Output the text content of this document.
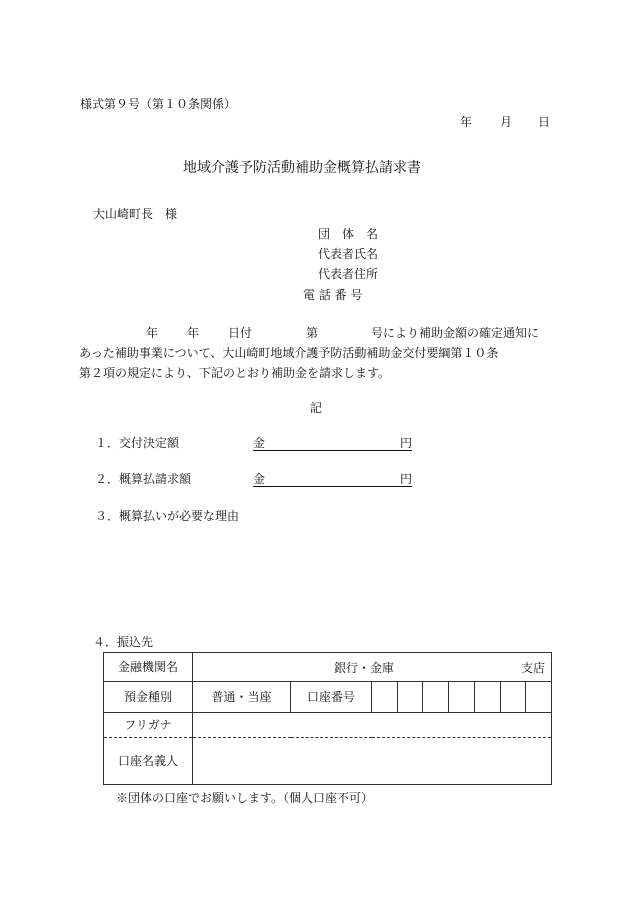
様式第９号（第１０条関係）
年 月 日
地域介護予防活動補助金概算払請求書
大山崎町長　様
団　体　名
代表者氏名
代表者住所
電 話 番 号
年 年 日付	第	号により補助金額の確定通知に
あった補助事業について、大山崎町地域介護予防活動補助金交付要綱第１０条
第２項の規定により、下記のとおり補助金を請求します。
記
１． 交付決定額	金	円
２． 概算払請求額	金	円
３． 概算払いが必要な理由
４．振込先
金融機関名	銀行・金庫 支店		

預金種別	普通・当座	口座番号	

フリガナ			
口座名義人			
※団体の口座でお願いします。（個人口座不可）
